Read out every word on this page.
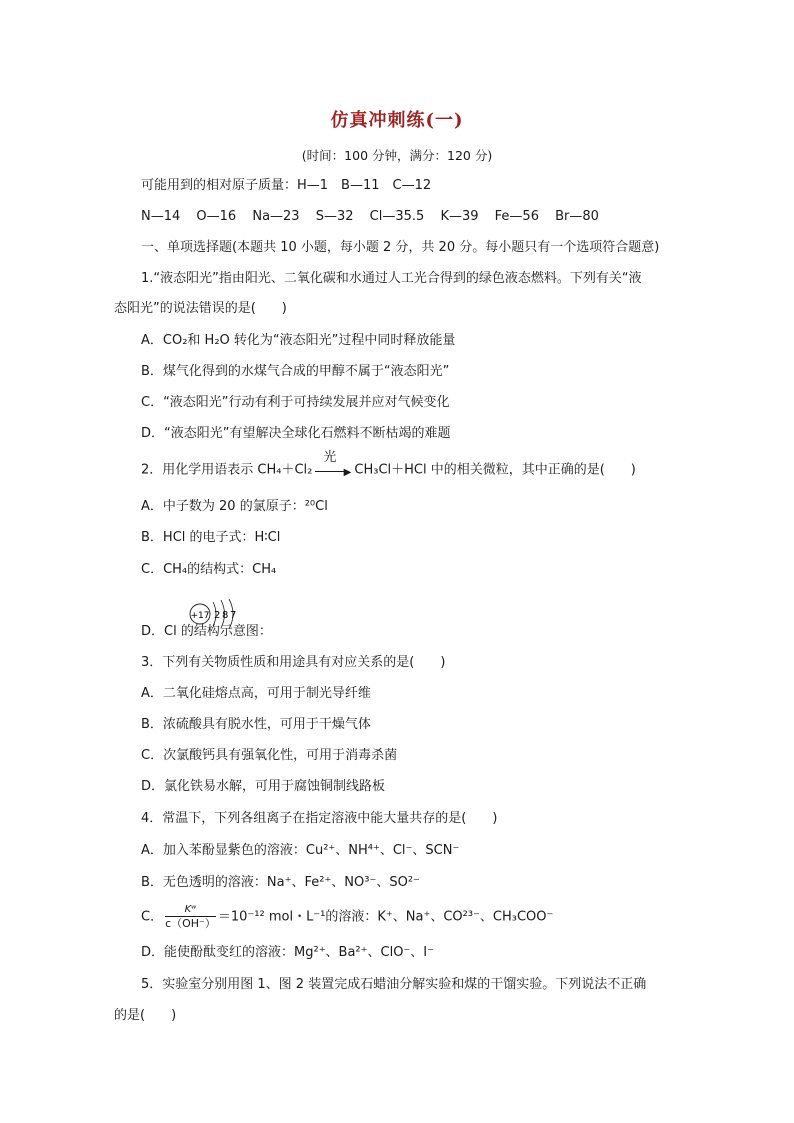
仿真冲刺练(一)
(时间：100 分钟，满分：120 分)
可能用到的相对原子质量：H—1　B—11　C—12
N—14 O—16 Na—23 S—32 Cl—35.5 K—39 Fe—56 Br—80
一、单项选择题(本题共 10 小题，每小题 2 分，共 20 分。每小题只有一个选项符合题意)
1.“液态阳光”指由阳光、二氧化碳和水通过人工光合得到的绿色液态燃料。下列有关“液
态阳光”的说法错误的是(　　)
A．CO₂和 H₂O 转化为“液态阳光”过程中同时释放能量
B．煤气化得到的水煤气合成的甲醇不属于“液态阳光”
C．“液态阳光”行动有利于可持续发展并应对气候变化
D．“液态阳光”有望解决全球化石燃料不断枯竭的难题
2．用化学用语表示 CH₄＋Cl₂
光
▶ CH₃Cl＋HCl 中的相关微粒，其中正确的是(　　)
A．中子数为 20 的氯原子：²⁰Cl
B．HCl 的电子式：H∶Cl
C．CH₄的结构式：CH₄
D．Cl 的结构示意图：
+17 2 8 7
3．下列有关物质性质和用途具有对应关系的是(　　)
A．二氧化硅熔点高，可用于制光导纤维
B．浓硫酸具有脱水性，可用于干燥气体
C．次氯酸钙具有强氧化性，可用于消毒杀菌
D．氯化铁易水解，可用于腐蚀铜制线路板
4．常温下，下列各组离子在指定溶液中能大量共存的是(　　)
A．加入苯酚显紫色的溶液：Cu²⁺、NH⁴⁺、Cl⁻、SCN⁻
B．无色透明的溶液：Na⁺、Fe²⁺、NO³⁻、SO²⁻
C． $\frac{\text{Kʷ}}{c(OH^-)} =10^{-12}$ mol・L⁻¹的溶液：K⁺、Na⁺、CO²³⁻、CH₃COO⁻
D．能使酚酞变红的溶液：Mg²⁺、Ba²⁺、ClO⁻、I⁻
5．实验室分别用图 1、图 2 装置完成石蜡油分解实验和煤的干馏实验。下列说法不正确
的是(　　)
